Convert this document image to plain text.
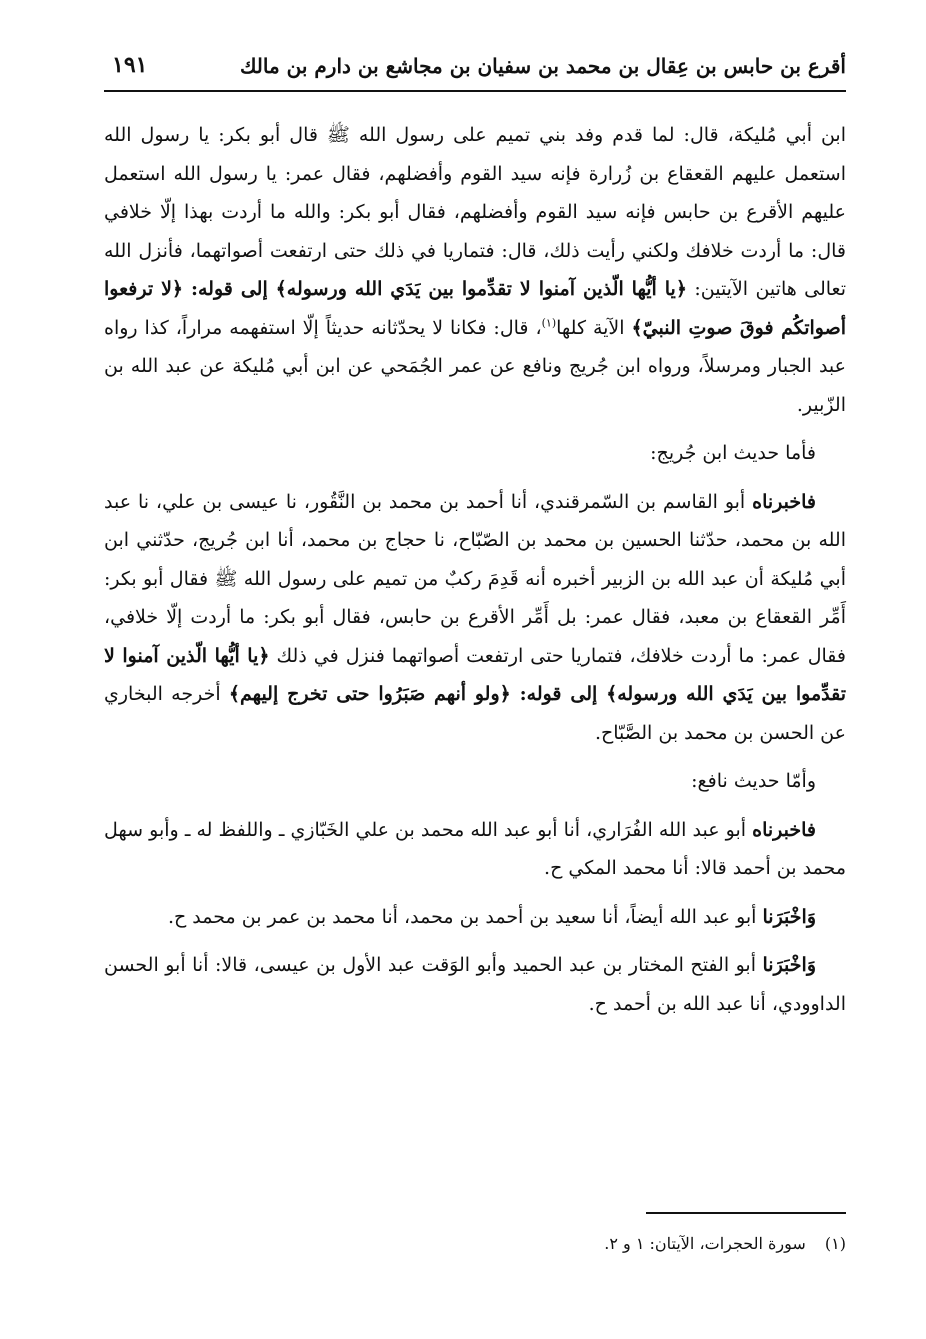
أقرع بن حابس بن عِقال بن محمد بن سفيان بن مجاشع بن دارم بن مالك
١٩١

ابن أبي مُليكة، قال: لما قدم وفد بني تميم على رسول الله ﷺ قال أبو بكر: يا رسول الله استعمل عليهم القعقاع بن زُرارة فإنه سيد القوم وأفضلهم، فقال عمر: يا رسول الله استعمل عليهم الأقرع بن حابس فإنه سيد القوم وأفضلهم، فقال أبو بكر: والله ما أردت بهذا إلّا خلافي قال: ما أردت خلافك ولكني رأيت ذلك، قال: فتماريا في ذلك حتى ارتفعت أصواتهما، فأنزل الله تعالى هاتين الآيتين: ﴿يا أيُّها الّذين آمنوا لا تقدِّموا بين يَدَي الله ورسوله﴾ إلى قوله: ﴿لا ترفعوا أصواتكُم فوقَ صوتِ النبيّ﴾ الآية كلها$^{(١)}$، قال: فكانا لا يحدّثانه حديثاً إلّا استفهمه مراراً، كذا رواه عبد الجبار ومرسلاً، ورواه ابن جُريج ونافع عن عمر الجُمَحي عن ابن أبي مُليكة عن عبد الله بن الزّبير.

فأما حديث ابن جُريج:

فاخبرناه أبو القاسم بن السّمرقندي، أنا أحمد بن محمد بن النَّقُور، نا عيسى بن علي، نا عبد الله بن محمد، حدّثنا الحسين بن محمد بن الصّبّاح، نا حجاج بن محمد، أنا ابن جُريج، حدّثني ابن أبي مُليكة أن عبد الله بن الزبير أخبره أنه قَدِمَ ركبٌ من تميم على رسول الله ﷺ فقال أبو بكر: أَمِّر القعقاع بن معبد، فقال عمر: بل أَمِّر الأقرع بن حابس، فقال أبو بكر: ما أردت إلّا خلافي، فقال عمر: ما أردت خلافك، فتماريا حتى ارتفعت أصواتهما فنزل في ذلك ﴿يا أيُّها الّذين آمنوا لا تقدِّموا بين يَدَي الله ورسوله﴾ إلى قوله: ﴿ولو أنهم صَبَرُوا حتى تخرج إليهم﴾ أخرجه البخاري عن الحسن بن محمد بن الصَّبّاح.

وأمّا حديث نافع:

فاخبرناه أبو عبد الله الفُرَاري، أنا أبو عبد الله محمد بن علي الخَبّازي ـ واللفظ له ـ وأبو سهل محمد بن أحمد قالا: أنا محمد المكي ح.

وَاخْبَرَنا أبو عبد الله أيضاً، أنا سعيد بن أحمد بن محمد، أنا محمد بن عمر بن محمد ح.

وَاخْبَرَنا أبو الفتح المختار بن عبد الحميد وأبو الوَقت عبد الأول بن عيسى، قالا: أنا أبو الحسن الداوودي، أنا عبد الله بن أحمد ح.

(١) سورة الحجرات، الآيتان: ١ و ٢.
